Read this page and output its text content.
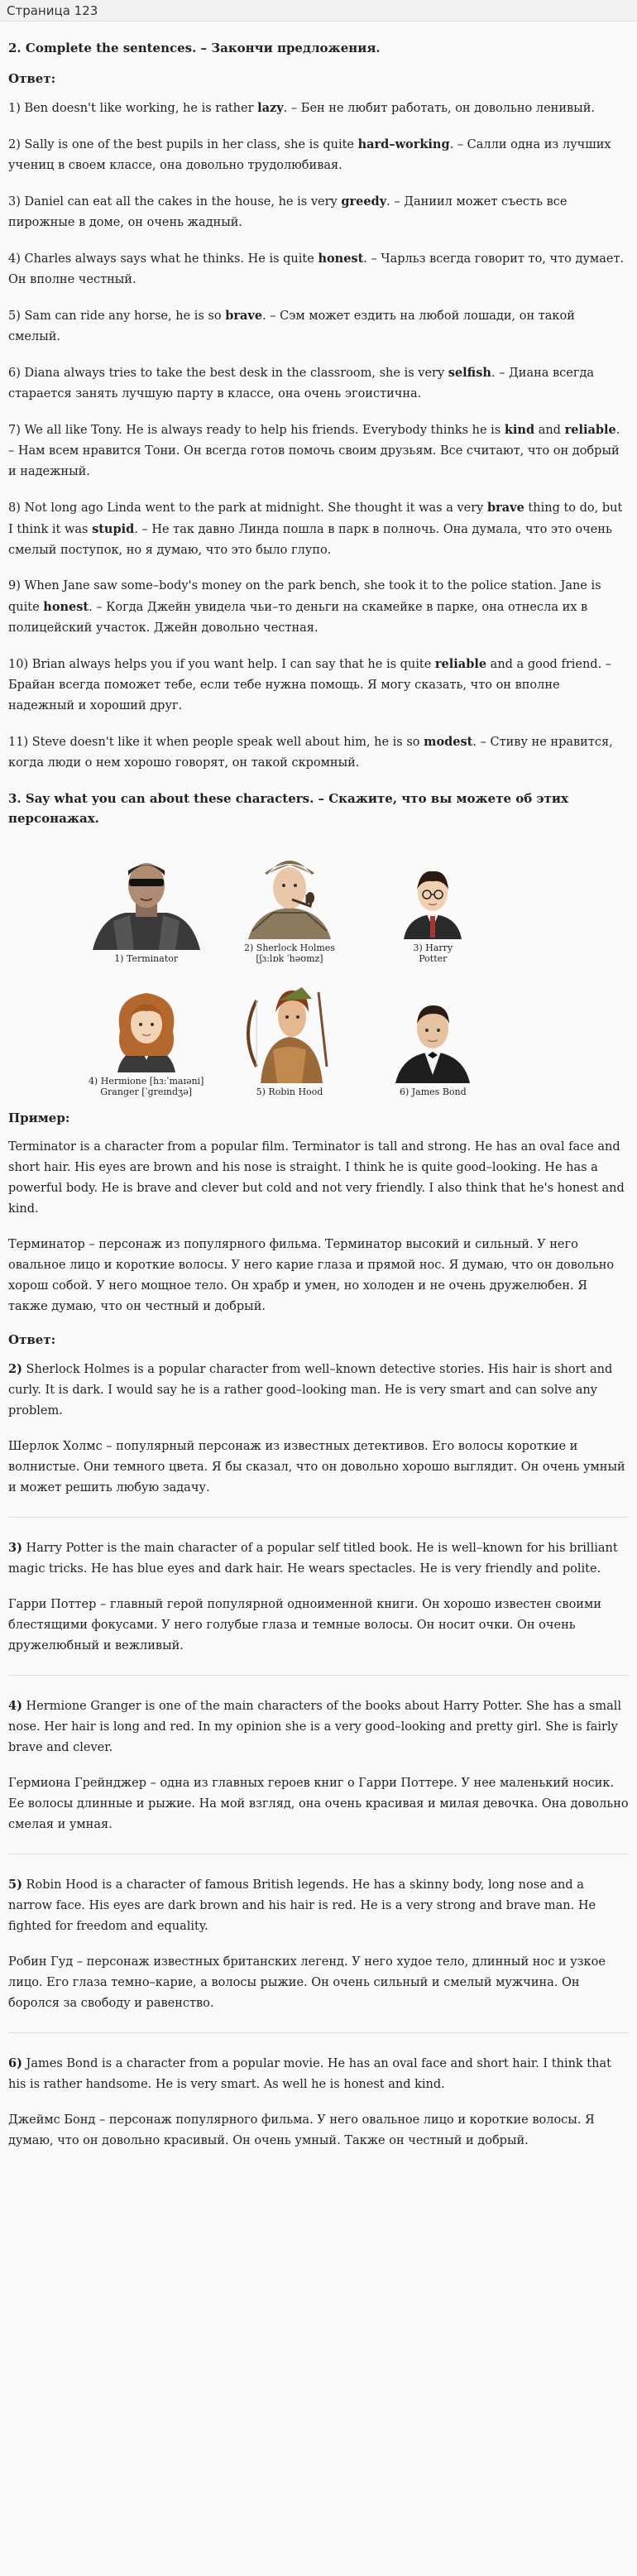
Страница 123
2. Complete the sentences. – Закончи предложения.
Ответ:

1) Ben doesn't like working, he is rather lazy. – Бен не любит работать, он довольно ленивый.

2) Sally is one of the best pupils in her class, she is quite hard–working. – Салли одна из лучших учениц в своем классе, она довольно трудолюбивая.

3) Daniel can eat all the cakes in the house, he is very greedy. – Даниил может съесть все пирожные в доме, он очень жадный.

4) Charles always says what he thinks. He is quite honest. – Чарльз всегда говорит то, что думает. Он вполне честный.

5) Sam can ride any horse, he is so brave. – Сэм может ездить на любой лошади, он такой смелый.

6) Diana always tries to take the best desk in the classroom, she is very selfish. – Диана всегда старается занять лучшую парту в классе, она очень эгоистична.

7) We all like Tony. He is always ready to help his friends. Everybody thinks he is kind and reliable. – Нам всем нравится Тони. Он всегда готов помочь своим друзьям. Все считают, что он добрый и надежный.

8) Not long ago Linda went to the park at midnight. She thought it was a very brave thing to do, but I think it was stupid. – Не так давно Линда пошла в парк в полночь. Она думала, что это очень смелый поступок, но я думаю, что это было глупо.

9) When Jane saw some–body's money on the park bench, she took it to the police station. Jane is quite honest. – Когда Джейн увидела чьи–то деньги на скамейке в парке, она отнесла их в полицейский участок. Джейн довольно честная.

10) Brian always helps you if you want help. I can say that he is quite reliable and a good friend. – Брайан всегда поможет тебе, если тебе нужна помощь. Я могу сказать, что он вполне надежный и хороший друг.

11) Steve doesn't like it when people speak well about him, he is so modest. – Стиву не нравится, когда люди о нем хорошо говорят, он такой скромный.

3. Say what you can about these characters. – Скажите, что вы можете об этих персонажах.
1) Terminator
2) Sherlock Holmes
[ʃɜ:lɒk ˈhəʊmz]
3) Harry
Potter
4) Hermione [hɜ:ˈmaɪəni]
Granger [ˈgreɪndʒə]	5) Robin Hood	6) James Bond
Пример:

Terminator is a character from a popular film. Terminator is tall and strong. He has an oval face and short hair. His eyes are brown and his nose is straight. I think he is quite good–looking. He has a powerful body. He is brave and clever but cold and not very friendly. I also think that he's honest and kind.

Терминатор – персонаж из популярного фильма. Терминатор высокий и сильный. У него овальное лицо и короткие волосы. У него карие глаза и прямой нос. Я думаю, что он довольно хорош собой. У него мощное тело. Он храбр и умен, но холоден и не очень дружелюбен. Я также думаю, что он честный и добрый.

Ответ:

2) Sherlock Holmes is a popular character from well–known detective stories. His hair is short and curly. It is dark. I would say he is a rather good–looking man. He is very smart and can solve any problem.

Шерлок Холмс – популярный персонаж из известных детективов. Его волосы короткие и волнистые. Они темного цвета. Я бы сказал, что он довольно хорошо выглядит. Он очень умный и может решить любую задачу.

3) Harry Potter is the main character of a popular self titled book. He is well–known for his brilliant magic tricks. He has blue eyes and dark hair. He wears spectacles. He is very friendly and polite.

Гарри Поттер – главный герой популярной одноименной книги. Он хорошо известен своими блестящими фокусами. У него голубые глаза и темные волосы. Он носит очки. Он очень дружелюбный и вежливый.

4) Hermione Granger is one of the main characters of the books about Harry Potter. She has a small nose. Her hair is long and red. In my opinion she is a very good–looking and pretty girl. She is fairly brave and clever.

Гермиона Грейнджер – одна из главных героев книг о Гарри Поттере. У нее маленький носик. Ее волосы длинные и рыжие. На мой взгляд, она очень красивая и милая девочка. Она довольно смелая и умная.

5) Robin Hood is a character of famous British legends. He has a skinny body, long nose and a narrow face. His eyes are dark brown and his hair is red. He is a very strong and brave man. He fighted for freedom and equality.

Робин Гуд – персонаж известных британских легенд. У него худое тело, длинный нос и узкое лицо. Его глаза темно–карие, а волосы рыжие. Он очень сильный и смелый мужчина. Он боролся за свободу и равенство.

6) James Bond is a character from a popular movie. He has an oval face and short hair. I think that his is rather handsome. He is very smart. As well he is honest and kind.

Джеймс Бонд – персонаж популярного фильма. У него овальное лицо и короткие волосы. Я думаю, что он довольно красивый. Он очень умный. Также он честный и добрый.
